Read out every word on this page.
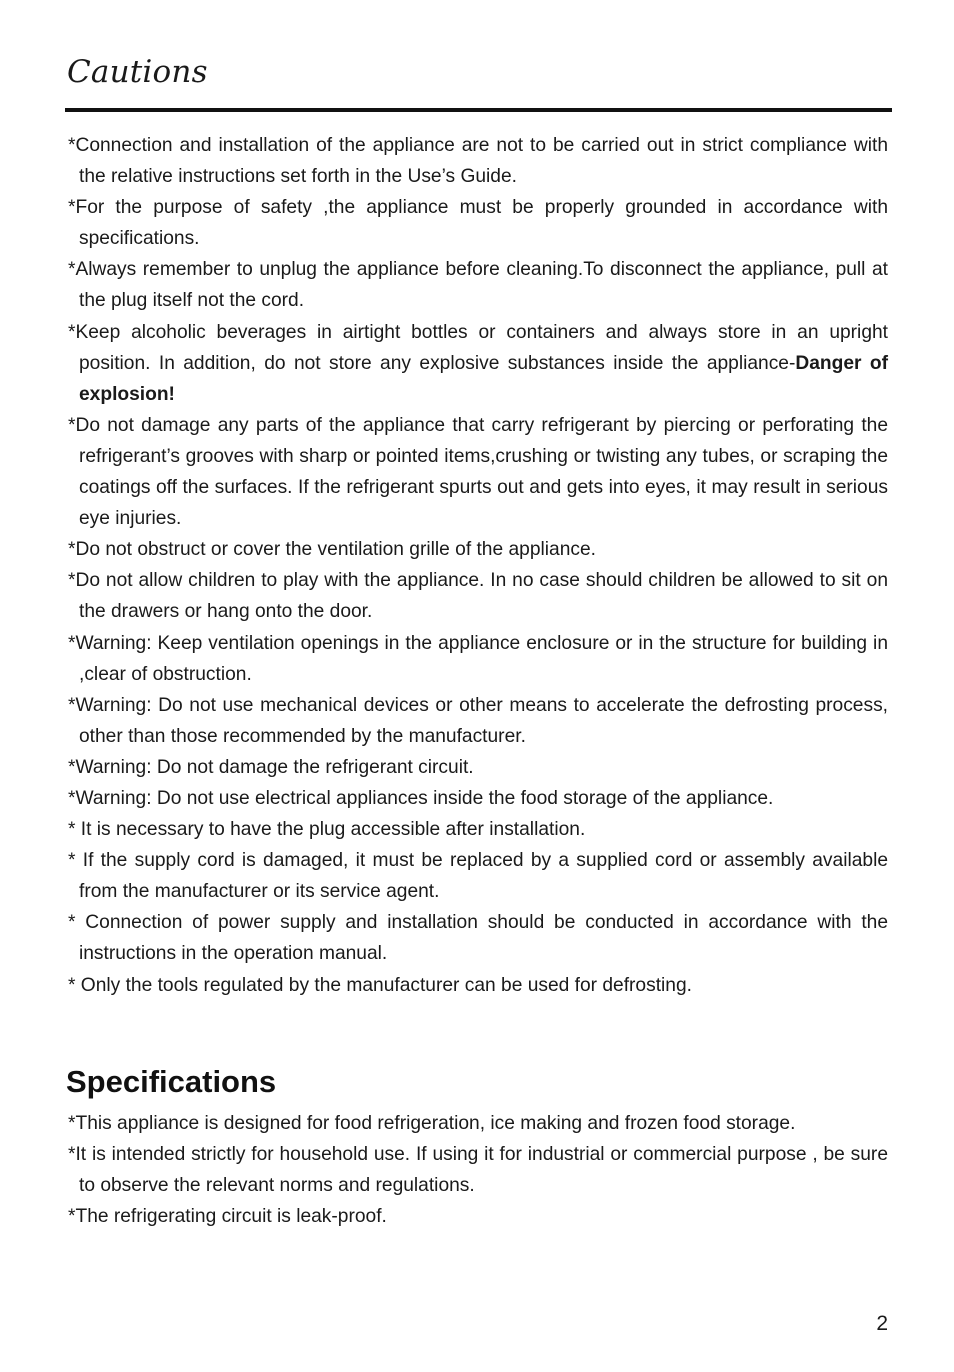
Cautions
*Connection and installation of the appliance are not to be carried out in strict compliance with the relative instructions set forth in the Use’s Guide.
*For the purpose of safety ,the appliance must be properly grounded in accordance with specifications.
*Always remember to unplug the appliance before cleaning.To disconnect the appliance, pull at the plug itself not the cord.
*Keep alcoholic beverages in airtight bottles or containers and always store in an upright position. In addition, do not store any explosive substances inside the appliance-Danger of explosion!
*Do not damage any parts of the appliance that carry refrigerant by piercing or perforating the refrigerant’s grooves with sharp or pointed items,crushing or twisting any tubes, or scraping the coatings off the surfaces. If the refrigerant spurts out and gets into eyes, it may result in serious eye injuries.
*Do not obstruct or cover the ventilation grille of the appliance.
*Do not allow children to play with the appliance. In no case should children be allowed to sit on the drawers or hang onto the door.
*Warning: Keep ventilation openings in the appliance enclosure or in the structure for building in ,clear of obstruction.
*Warning: Do not use mechanical devices or other means to accelerate the defrosting process, other than those recommended by the manufacturer.
*Warning: Do not damage the refrigerant circuit.
*Warning: Do not use electrical appliances inside the food storage of the appliance.
* It is necessary to have the plug accessible after installation.
* If the supply cord is damaged, it must be replaced by a supplied cord or assembly available from the manufacturer or its service agent.
* Connection of power supply and installation should be conducted in accordance with the instructions in the operation manual.
* Only the tools regulated by the manufacturer can be used for defrosting.
Specifications
*This appliance is designed for food refrigeration, ice making and frozen food storage.
*It is intended strictly for household use. If using it for industrial or commercial purpose , be sure to observe the relevant norms and regulations.
*The refrigerating circuit is leak-proof.
2
